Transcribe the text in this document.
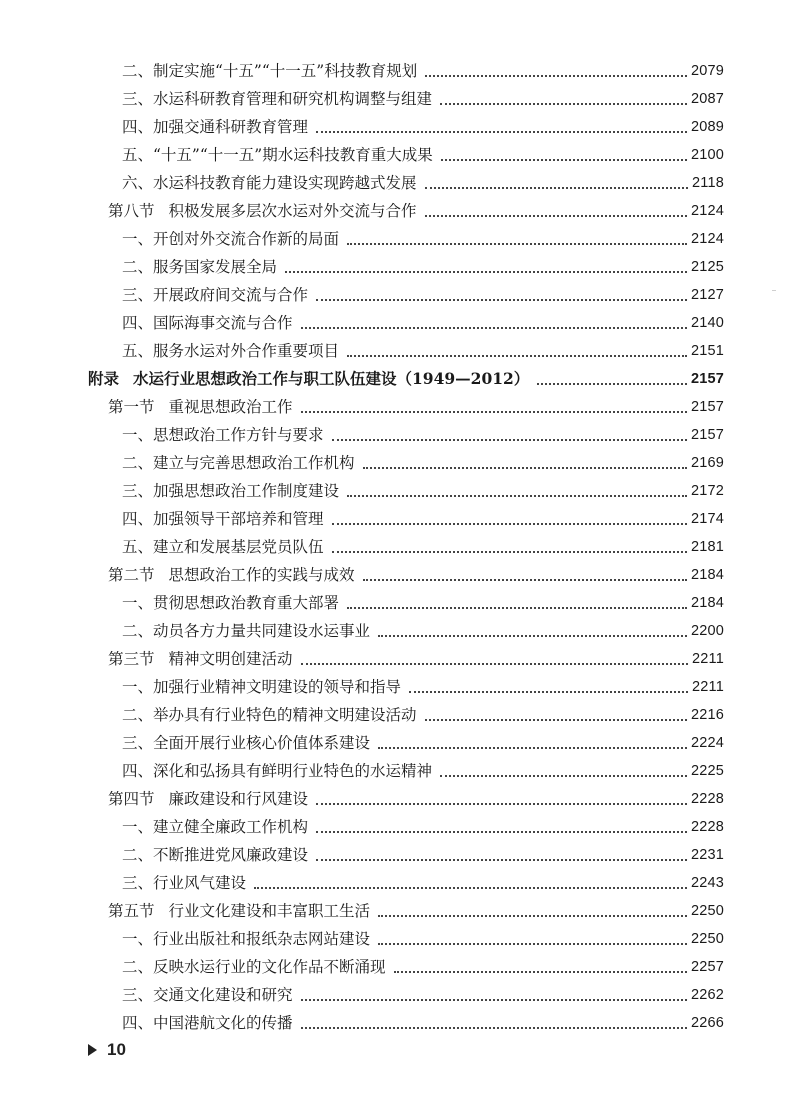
二、制定实施“十五”“十一五”科技教育规划	2079
三、水运科研教育管理和研究机构调整与组建	2087
四、加强交通科研教育管理	2089
五、“十五”“十一五”期水运科技教育重大成果	2100
六、水运科技教育能力建设实现跨越式发展	2118
第八节 积极发展多层次水运对外交流与合作	2124
一、开创对外交流合作新的局面	2124
二、服务国家发展全局	2125
三、开展政府间交流与合作	2127
四、国际海事交流与合作	2140
五、服务水运对外合作重要项目	2151
附录 水运行业思想政治工作与职工队伍建设（1949—2012）	2157
第一节 重视思想政治工作	2157
一、思想政治工作方针与要求	2157
二、建立与完善思想政治工作机构	2169
三、加强思想政治工作制度建设	2172
四、加强领导干部培养和管理	2174
五、建立和发展基层党员队伍	2181
第二节 思想政治工作的实践与成效	2184
一、贯彻思想政治教育重大部署	2184
二、动员各方力量共同建设水运事业	2200
第三节 精神文明创建活动	2211
一、加强行业精神文明建设的领导和指导	2211
二、举办具有行业特色的精神文明建设活动	2216
三、全面开展行业核心价值体系建设	2224
四、深化和弘扬具有鲜明行业特色的水运精神	2225
第四节 廉政建设和行风建设	2228
一、建立健全廉政工作机构	2228
二、不断推进党风廉政建设	2231
三、行业风气建设	2243
第五节 行业文化建设和丰富职工生活	2250
一、行业出版社和报纸杂志网站建设	2250
二、反映水运行业的文化作品不断涌现	2257
三、交通文化建设和研究	2262
四、中国港航文化的传播	2266
10
